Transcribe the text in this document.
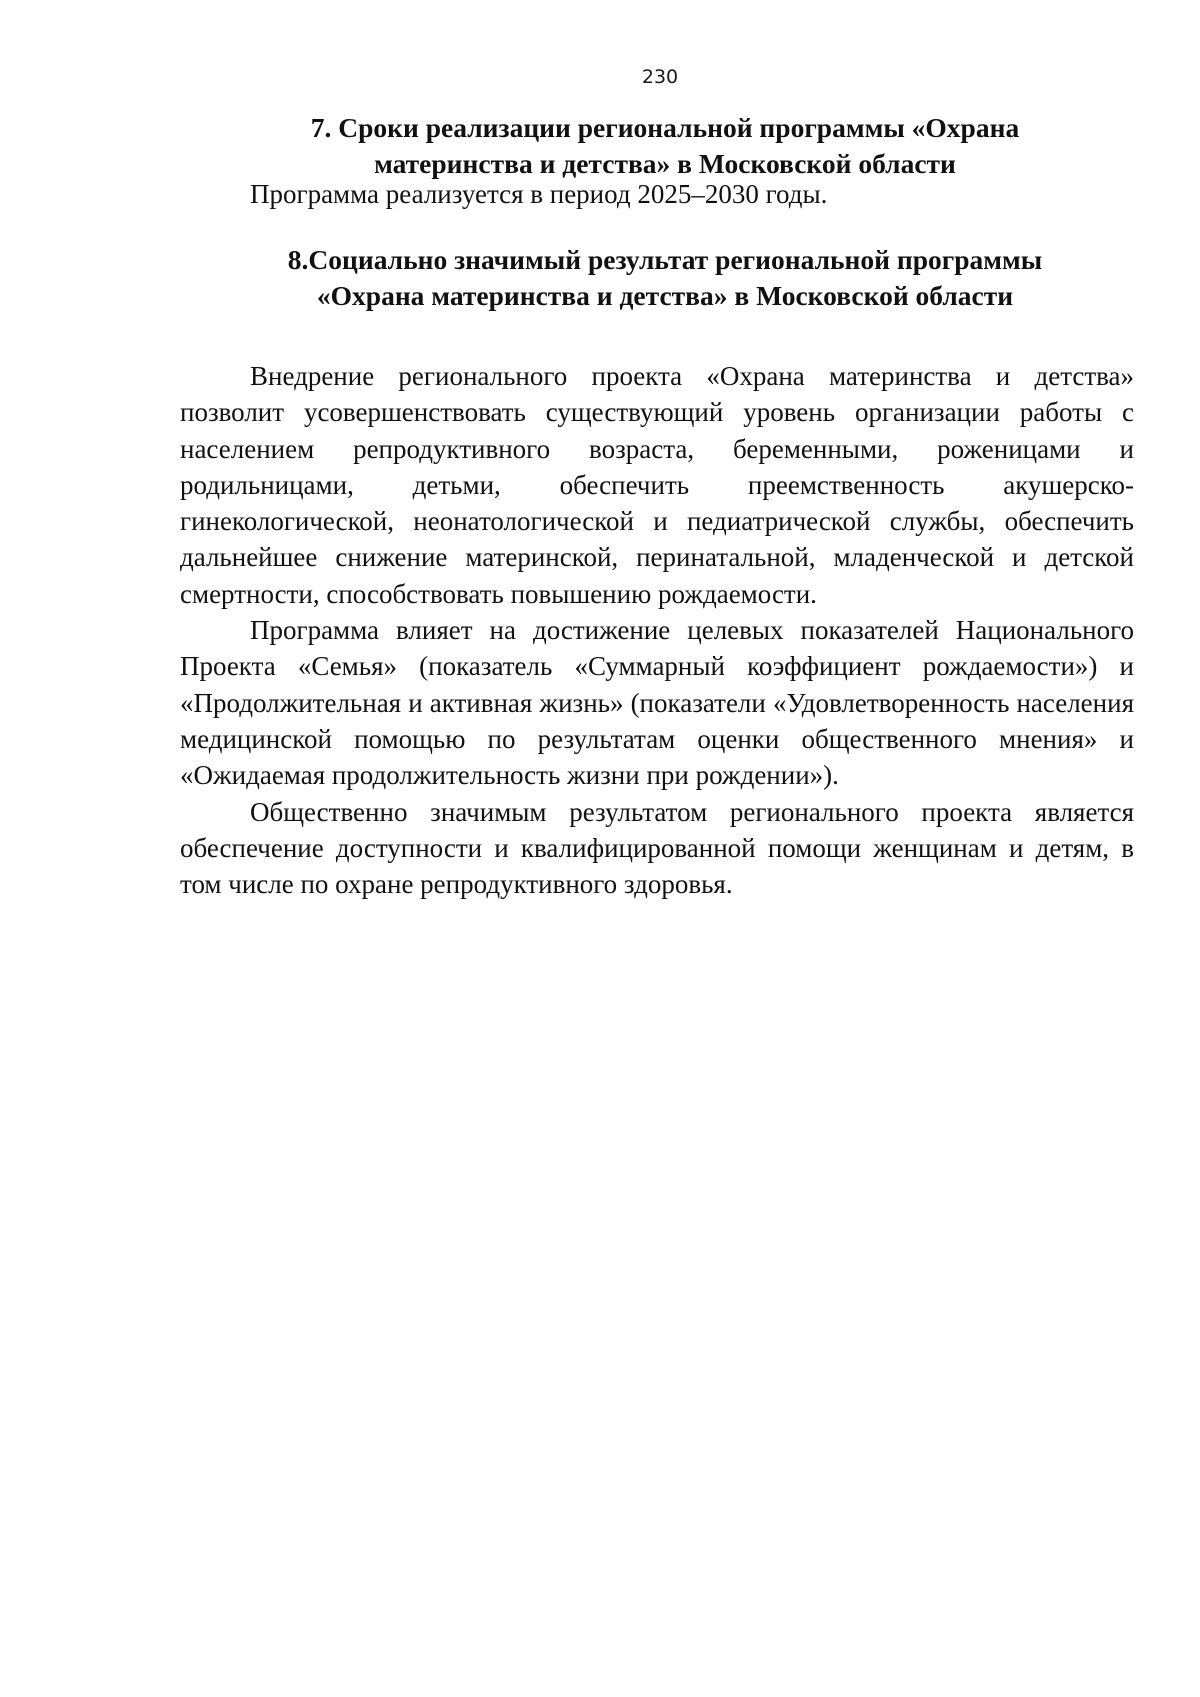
230
7. Сроки реализации региональной программы «Охрана
материнства и детства» в Московской области
Программа реализуется в период 2025–2030 годы.
8.Социально значимый результат региональной программы
«Охрана материнства и детства» в Московской области

Внедрение регионального проекта «Охрана материнства и детства» позволит усовершенствовать существующий уровень организации работы с населением репродуктивного возраста, беременными, роженицами и родильницами, детьми, обеспечить преемственность акушерско-гинекологической, неонатологической и педиатрической службы, обеспечить дальнейшее снижение материнской, перинатальной, младенческой и детской смертности, способствовать повышению рождаемости.

Программа влияет на достижение целевых показателей Национального Проекта «Семья» (показатель «Суммарный коэффициент рождаемости») и «Продолжительная и активная жизнь» (показатели «Удовлетворенность населения медицинской помощью по результатам оценки общественного мнения» и «Ожидаемая продолжительность жизни при рождении»).

Общественно значимым результатом регионального проекта является обеспечение доступности и квалифицированной помощи женщинам и детям, в том числе по охране репродуктивного здоровья.
